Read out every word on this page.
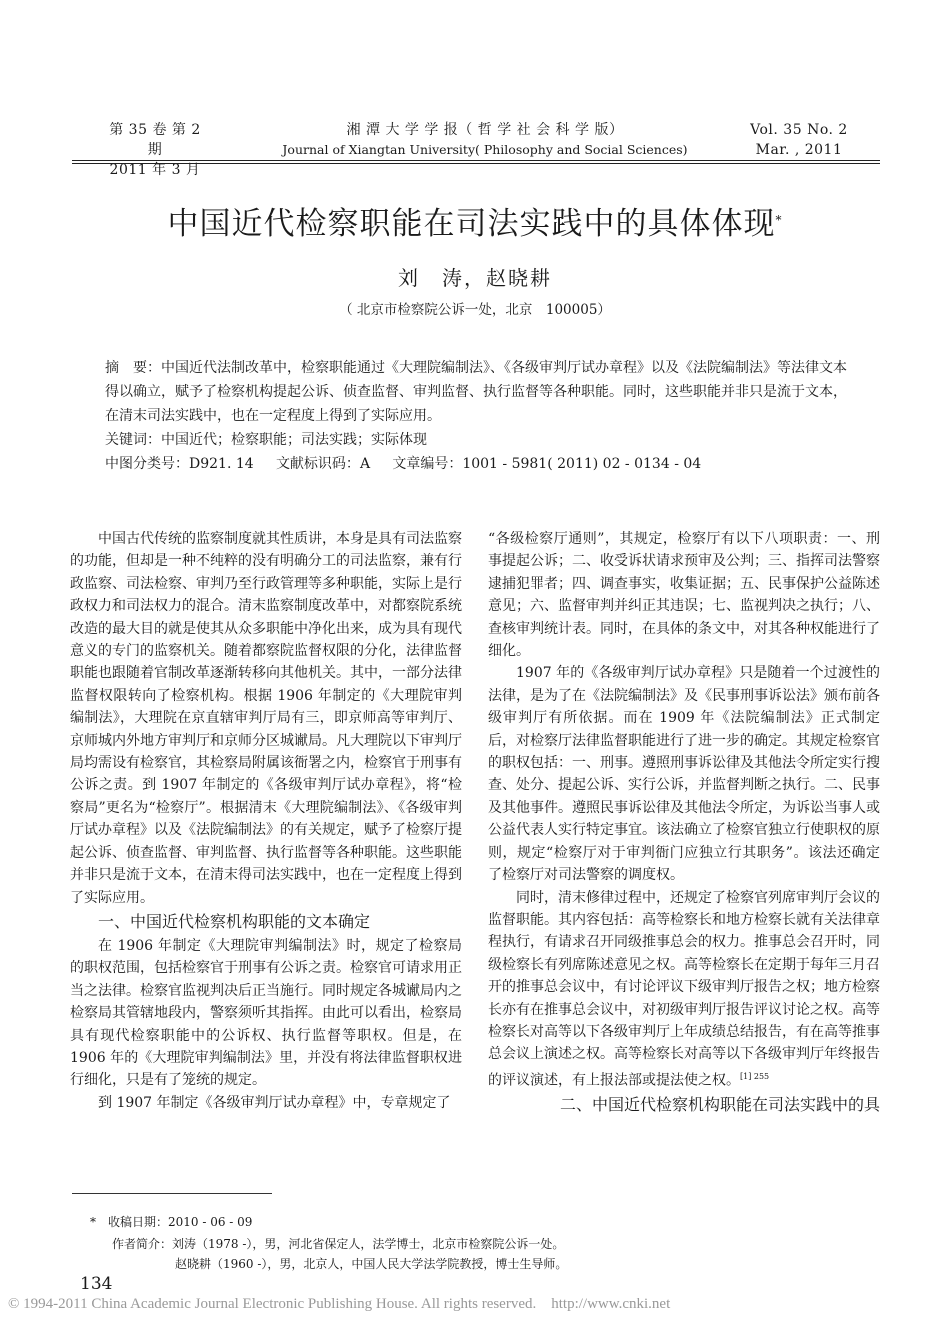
第 35 卷 第 2 期
2011 年 3 月
湘 潭 大 学 学 报（ 哲 学 社 会 科 学 版）
Journal of Xiangtan University( Philosophy and Social Sciences)
Vol. 35 No. 2
Mar. , 2011
中国近代检察职能在司法实践中的具体体现*
刘　涛，赵晓耕
（ 北京市检察院公诉一处，北京　100005）

摘　要：中国近代法制改革中，检察职能通过《大理院编制法》、《各级审判厅试办章程》以及《法院编制法》等法律文本得以确立，赋予了检察机构提起公诉、侦查监督、审判监督、执行监督等各种职能。同时，这些职能并非只是流于文本，在清末司法实践中，也在一定程度上得到了实际应用。

关键词：中国近代；检察职能；司法实践；实际体现

中图分类号：D921. 14 文献标识码：A 文章编号：1001 - 5981( 2011) 02 - 0134 - 04

中国古代传统的监察制度就其性质讲，本身是具有司法监察的功能，但却是一种不纯粹的没有明确分工的司法监察，兼有行政监察、司法检察、审判乃至行政管理等多种职能，实际上是行政权力和司法权力的混合。清末监察制度改革中，对都察院系统改造的最大目的就是使其从众多职能中净化出来，成为具有现代意义的专门的监察机关。随着都察院监督权限的分化，法律监督职能也跟随着官制改革逐渐转移向其他机关。其中，一部分法律监督权限转向了检察机构。根据 1906 年制定的《大理院审判编制法》，大理院在京直辖审判厅局有三，即京师高等审判厅、京师城内外地方审判厅和京师分区城谳局。凡大理院以下审判厅局均需设有检察官，其检察局附属该衙署之内，检察官于刑事有公诉之责。到 1907 年制定的《各级审判厅试办章程》，将“检察局”更名为“检察厅”。根据清末《大理院编制法》、《各级审判厅试办章程》以及《法院编制法》的有关规定，赋予了检察厅提起公诉、侦查监督、审判监督、执行监督等各种职能。这些职能并非只是流于文本，在清末得司法实践中，也在一定程度上得到了实际应用。

一、中国近代检察机构职能的文本确定

在 1906 年制定《大理院审判编制法》时，规定了检察局的职权范围，包括检察官于刑事有公诉之责。检察官可请求用正当之法律。检察官监视判决后正当施行。同时规定各城谳局内之检察局其管辖地段内，警察须听其指挥。由此可以看出，检察局具有现代检察职能中的公诉权、执行监督等职权。但是，在 1906 年的《大理院审判编制法》里，并没有将法律监督职权进行细化，只是有了笼统的规定。

到 1907 年制定《各级审判厅试办章程》中，专章规定了

“各级检察厅通则”，其规定，检察厅有以下八项职责：一、刑事提起公诉；二、收受诉状请求预审及公判；三、指挥司法警察逮捕犯罪者；四、调查事实，收集证据；五、民事保护公益陈述意见；六、监督审判并纠正其违误；七、监视判决之执行；八、查核审判统计表。同时，在具体的条文中，对其各种权能进行了细化。

1907 年的《各级审判厅试办章程》只是随着一个过渡性的法律，是为了在《法院编制法》及《民事刑事诉讼法》颁布前各级审判厅有所依据。而在 1909 年《法院编制法》正式制定后，对检察厅法律监督职能进行了进一步的确定。其规定检察官的职权包括：一、刑事。遵照刑事诉讼律及其他法令所定实行搜查、处分、提起公诉、实行公诉，并监督判断之执行。二、民事及其他事件。遵照民事诉讼律及其他法令所定，为诉讼当事人或公益代表人实行特定事宜。该法确立了检察官独立行使职权的原则，规定“检察厅对于审判衙门应独立行其职务”。该法还确定了检察厅对司法警察的调度权。

同时，清末修律过程中，还规定了检察官列席审判厅会议的监督职能。其内容包括：高等检察长和地方检察长就有关法律章程执行，有请求召开同级推事总会的权力。推事总会召开时，同级检察长有列席陈述意见之权。高等检察长在定期于每年三月召开的推事总会议中，有讨论评议下级审判厅报告之权；地方检察长亦有在推事总会议中，对初级审判厅报告评议讨论之权。高等检察长对高等以下各级审判厅上年成绩总结报告，有在高等推事总会议上演述之权。高等检察长对高等以下各级审判厅年终报告的评议演述，有上报法部或提法使之权。$^{[1] 255}$

二、中国近代检察机构职能在司法实践中的具
*　收稿日期：2010 - 06 - 09
作者简介：刘涛（1978 -），男，河北省保定人，法学博士，北京市检察院公诉一处。
赵晓耕（1960 -），男，北京人，中国人民大学法学院教授，博士生导师。
134
© 1994-2011 China Academic Journal Electronic Publishing House. All rights reserved.　http://www.cnki.net
